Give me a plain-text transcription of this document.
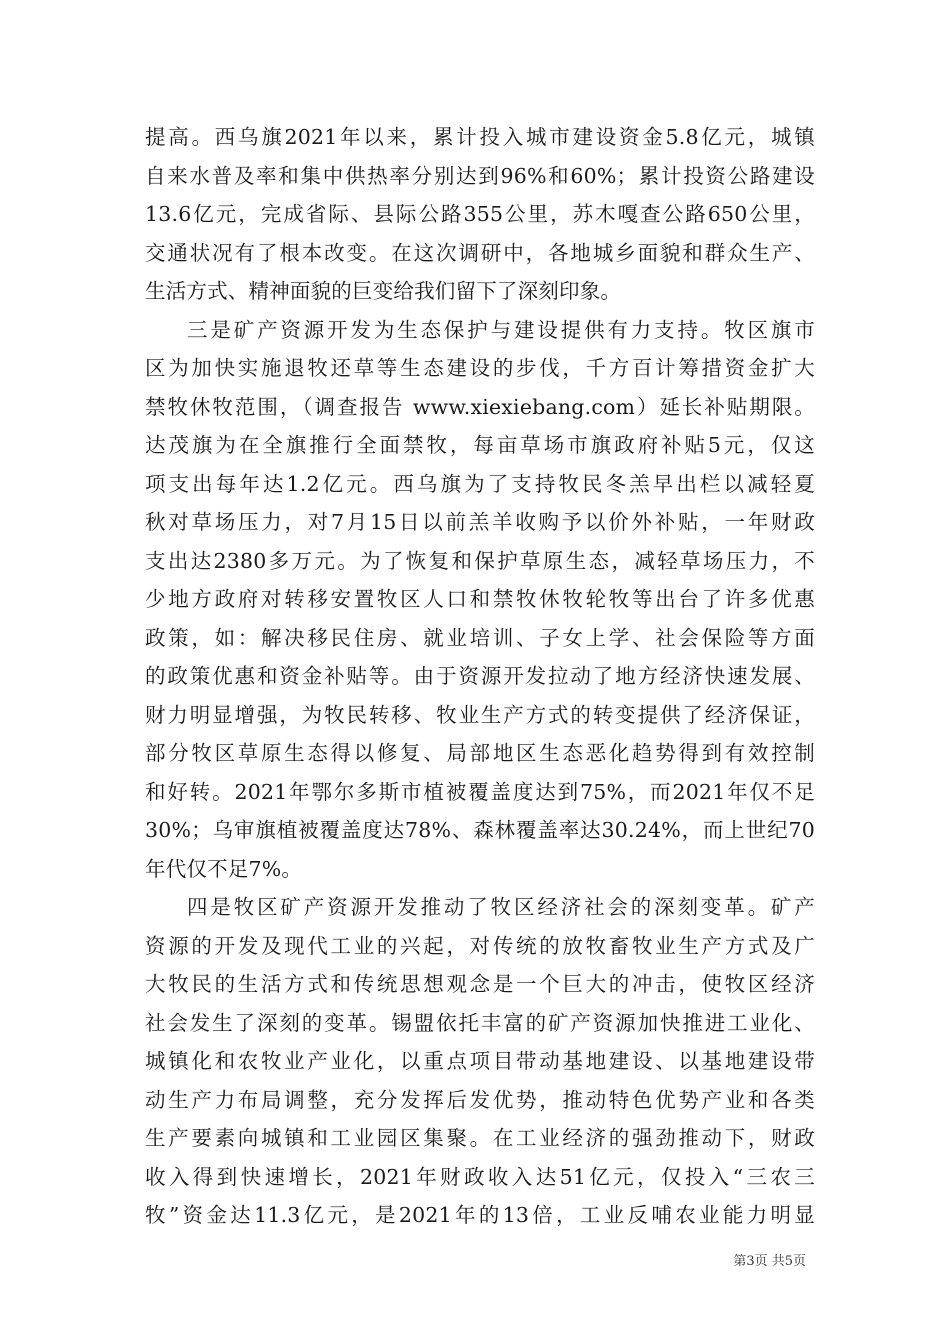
提高。西乌旗2021年以来，累计投入城市建设资金5.8亿元，城镇
自来水普及率和集中供热率分别达到96%和60%；累计投资公路建设
13.6亿元，完成省际、县际公路355公里，苏木嘎查公路650公里，
交通状况有了根本改变。在这次调研中，各地城乡面貌和群众生产、
生活方式、精神面貌的巨变给我们留下了深刻印象。
三是矿产资源开发为生态保护与建设提供有力支持。牧区旗市
区为加快实施退牧还草等生态建设的步伐，千方百计筹措资金扩大
禁牧休牧范围，（调查报告 www.xiexiebang.com）延长补贴期限。
达茂旗为在全旗推行全面禁牧，每亩草场市旗政府补贴5元，仅这
项支出每年达1.2亿元。西乌旗为了支持牧民冬羔早出栏以减轻夏
秋对草场压力，对7月15日以前羔羊收购予以价外补贴，一年财政
支出达2380多万元。为了恢复和保护草原生态，减轻草场压力，不
少地方政府对转移安置牧区人口和禁牧休牧轮牧等出台了许多优惠
政策，如：解决移民住房、就业培训、子女上学、社会保险等方面
的政策优惠和资金补贴等。由于资源开发拉动了地方经济快速发展、
财力明显增强，为牧民转移、牧业生产方式的转变提供了经济保证，
部分牧区草原生态得以修复、局部地区生态恶化趋势得到有效控制
和好转。2021年鄂尔多斯市植被覆盖度达到75%，而2021年仅不足
30%；乌审旗植被覆盖度达78%、森林覆盖率达30.24%，而上世纪70
年代仅不足7%。
四是牧区矿产资源开发推动了牧区经济社会的深刻变革。矿产
资源的开发及现代工业的兴起，对传统的放牧畜牧业生产方式及广
大牧民的生活方式和传统思想观念是一个巨大的冲击，使牧区经济
社会发生了深刻的变革。锡盟依托丰富的矿产资源加快推进工业化、
城镇化和农牧业产业化，以重点项目带动基地建设、以基地建设带
动生产力布局调整，充分发挥后发优势，推动特色优势产业和各类
生产要素向城镇和工业园区集聚。在工业经济的强劲推动下，财政
收入得到快速增长，2021年财政收入达51亿元，仅投入“三农三
牧”资金达11.3亿元，是2021年的13倍，工业反哺农业能力明显
第3页 共5页
